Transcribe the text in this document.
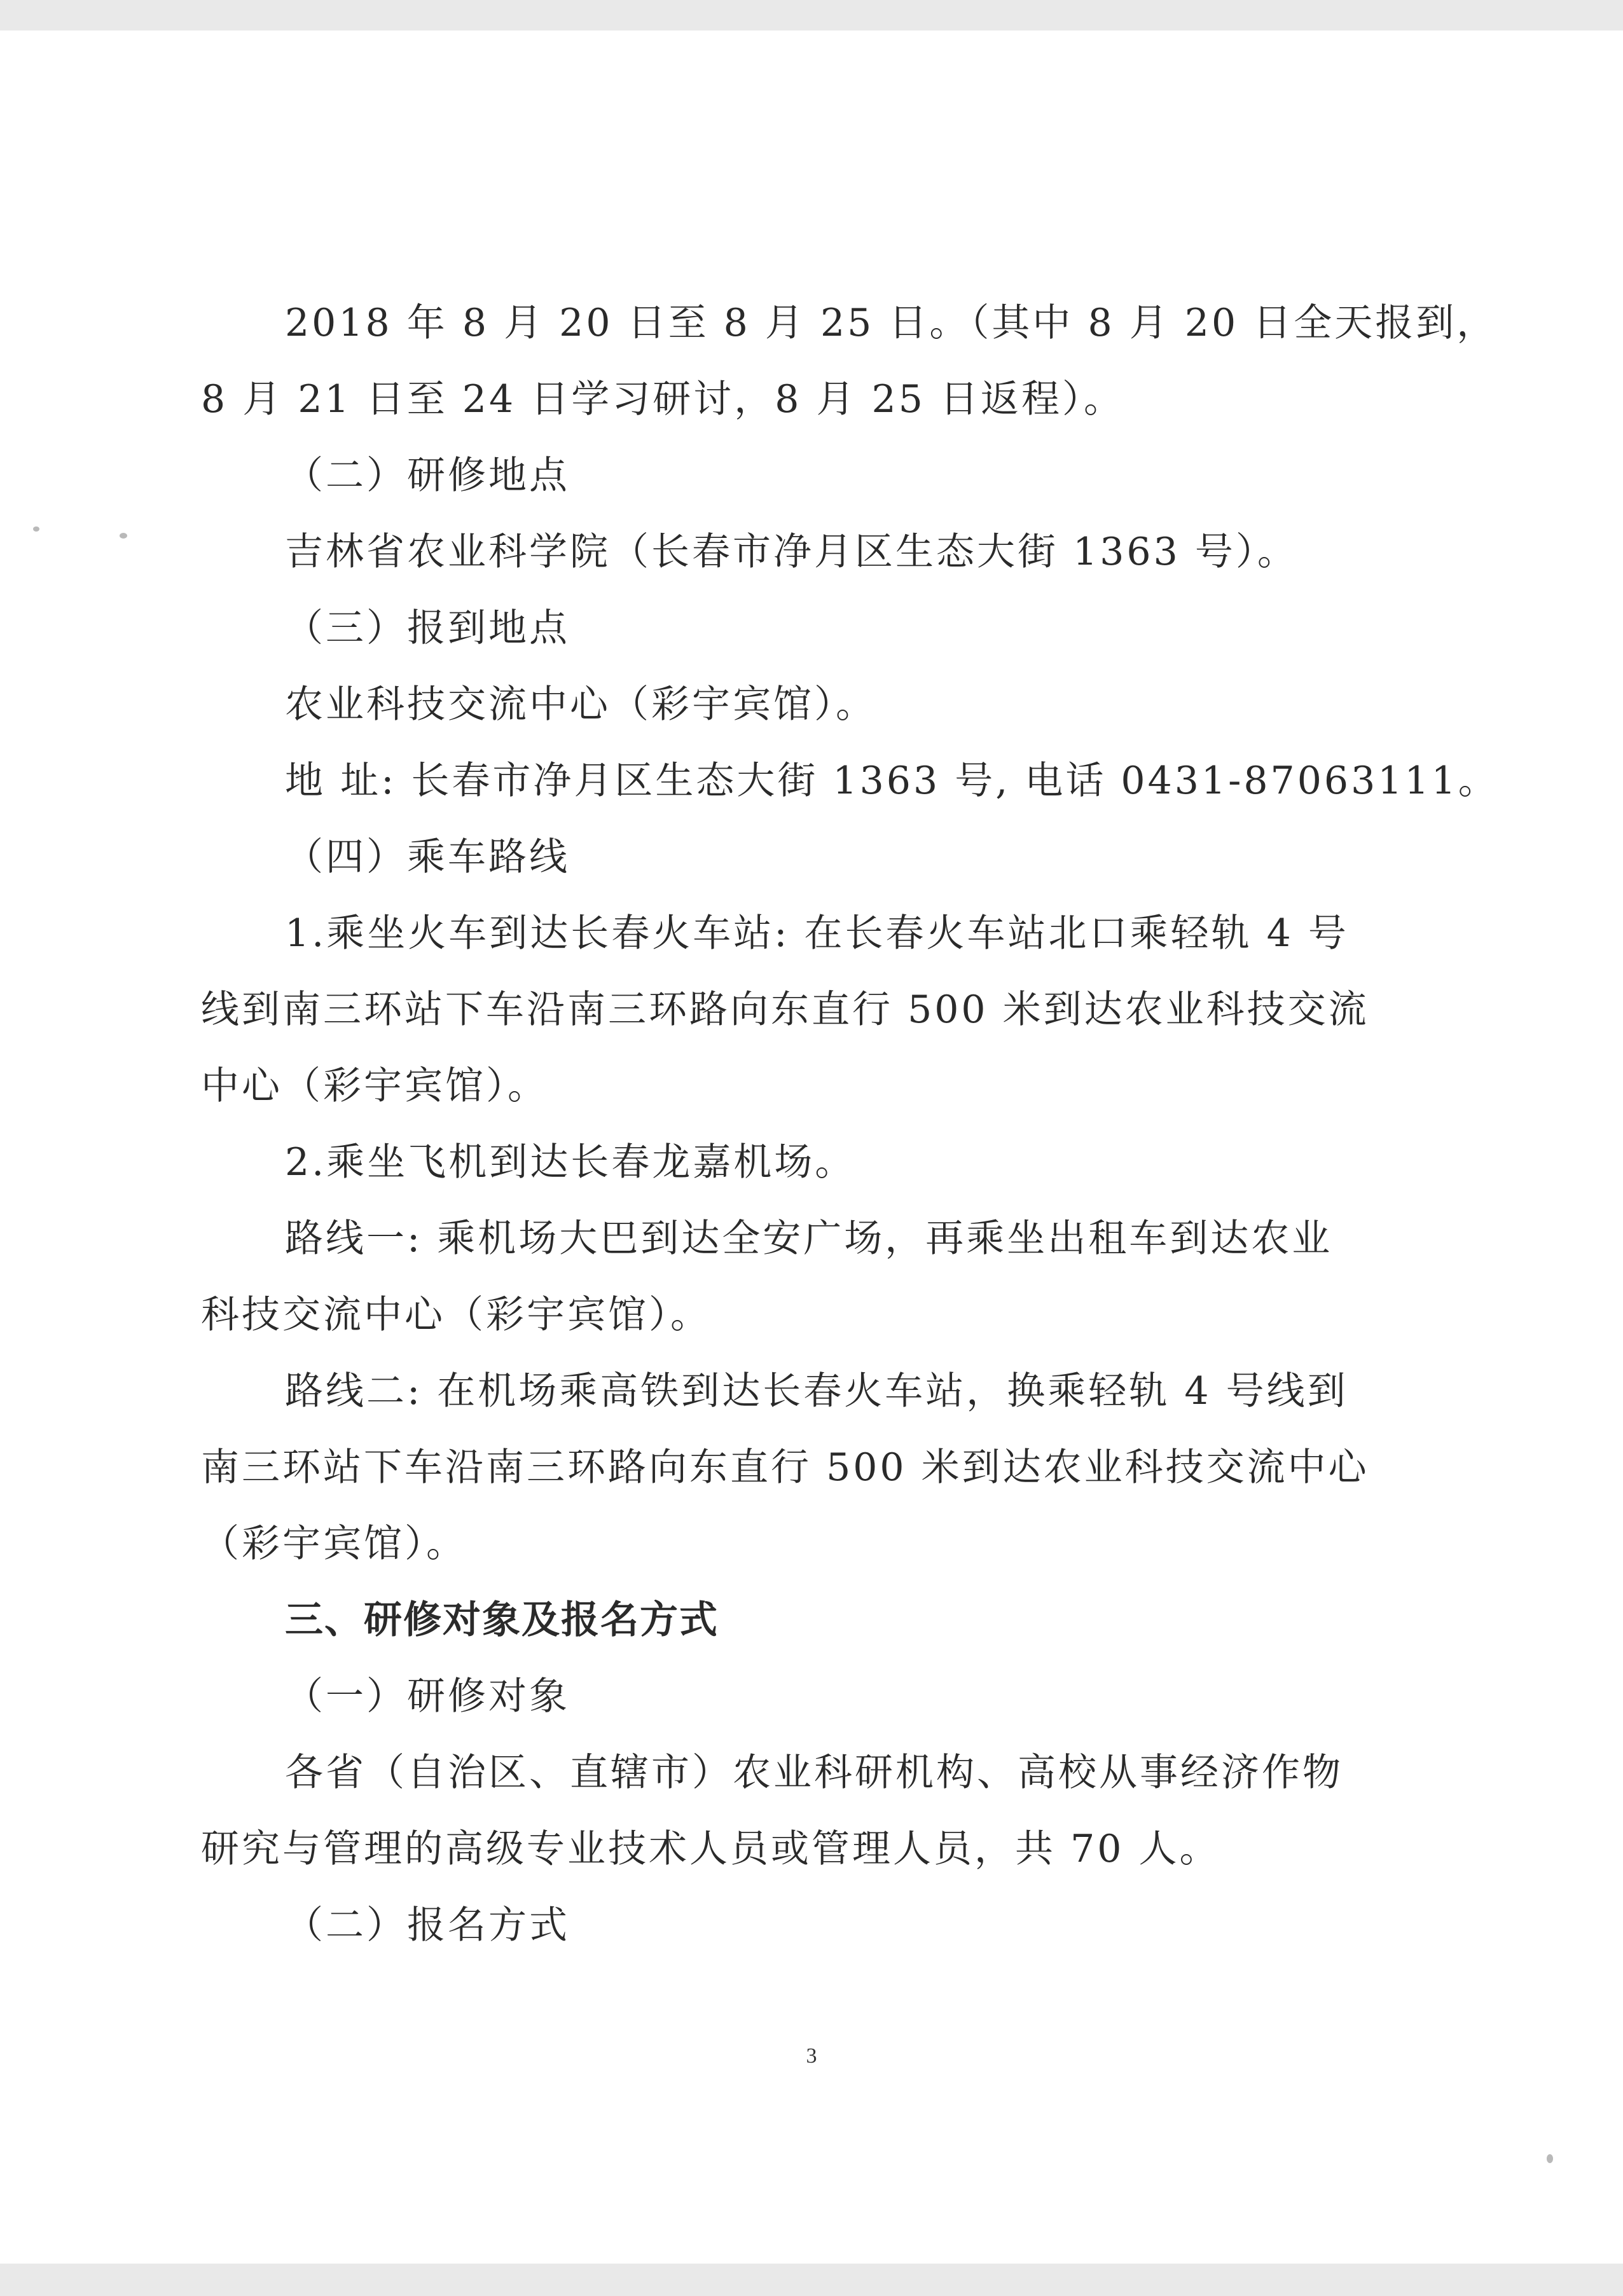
2018 年 8 月 20 日至 8 月 25 日。（其中 8 月 20 日全天报到，
8 月 21 日至 24 日学习研讨，8 月 25 日返程）。
（二）研修地点
吉林省农业科学院（长春市净月区生态大街 1363 号）。
（三）报到地点
农业科技交流中心（彩宇宾馆）。
地 址: 长春市净月区生态大街 1363 号, 电话 0431-87063111。
（四）乘车路线
1.乘坐火车到达长春火车站: 在长春火车站北口乘轻轨 4 号
线到南三环站下车沿南三环路向东直行 500 米到达农业科技交流
中心（彩宇宾馆）。
2.乘坐飞机到达长春龙嘉机场。
路线一: 乘机场大巴到达全安广场，再乘坐出租车到达农业
科技交流中心（彩宇宾馆）。
路线二: 在机场乘高铁到达长春火车站，换乘轻轨 4 号线到
南三环站下车沿南三环路向东直行 500 米到达农业科技交流中心
（彩宇宾馆）。
三、研修对象及报名方式
（一）研修对象
各省（自治区、直辖市）农业科研机构、高校从事经济作物
研究与管理的高级专业技术人员或管理人员，共 70 人。
（二）报名方式
3
